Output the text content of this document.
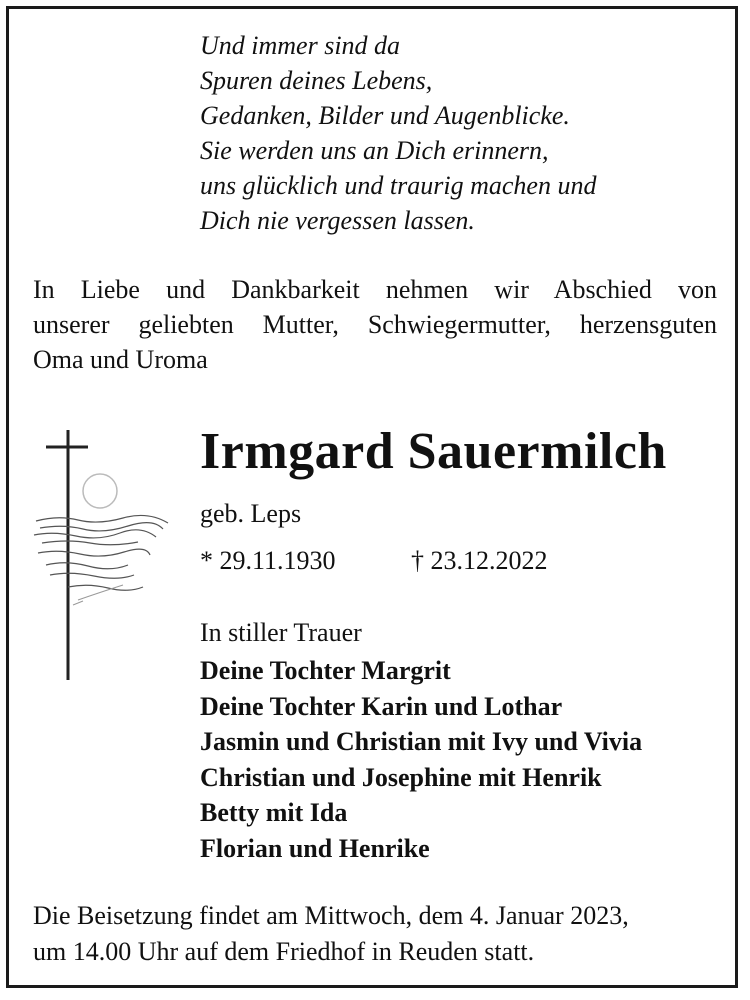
Und immer sind da
Spuren deines Lebens,
Gedanken, Bilder und Augenblicke.
Sie werden uns an Dich erinnern,
uns glücklich und traurig machen und
Dich nie vergessen lassen.
In Liebe und Dankbarkeit nehmen wir Abschied von
unserer geliebten Mutter, Schwiegermutter, herzensguten
Oma und Uroma
Irmgard Sauermilch
geb. Leps
* 29.11.1930	† 23.12.2022
In stiller Trauer
Deine Tochter Margrit
Deine Tochter Karin und Lothar
Jasmin und Christian mit Ivy und Vivia
Christian und Josephine mit Henrik
Betty mit Ida
Florian und Henrike
Die Beisetzung findet am Mittwoch, dem 4. Januar 2023,
um 14.00 Uhr auf dem Friedhof in Reuden statt.
